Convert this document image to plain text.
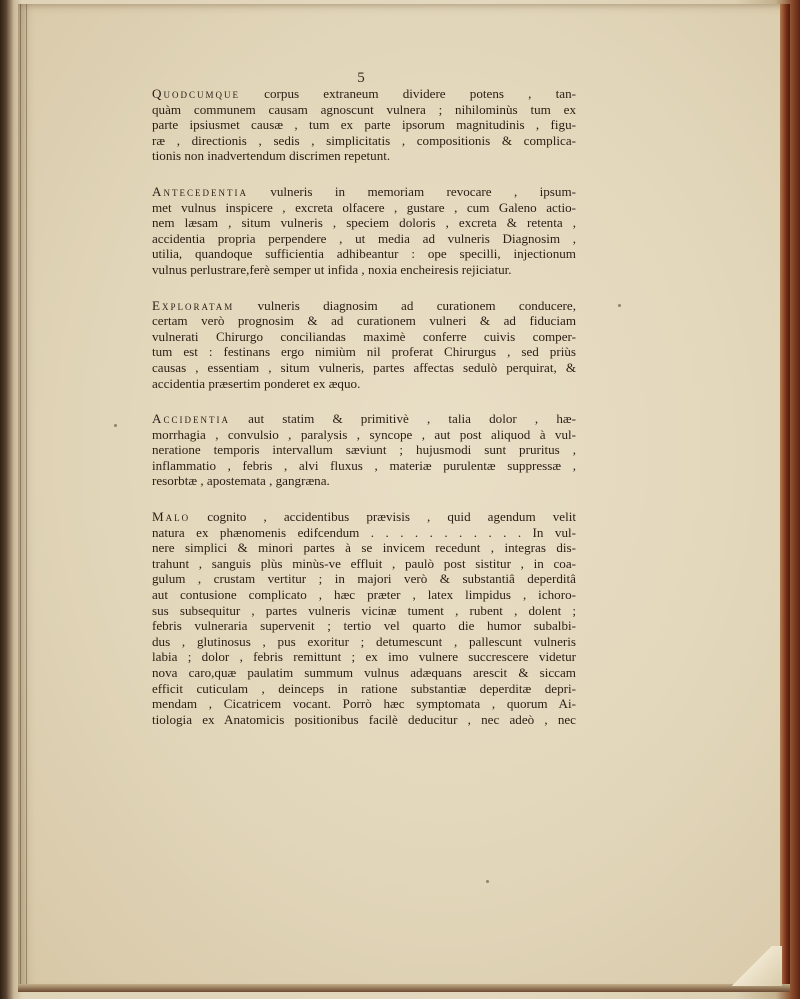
5
Quodcumque corpus extraneum dividere potens , tan-
quàm communem causam agnoscunt vulnera ; nihilominùs tum ex
parte ipsiusmet causæ , tum ex parte ipsorum magnitudinis , figu-
ræ , directionis , sedis , simplicitatis , compositionis & complica-
tionis non inadvertendum discrimen repetunt.
Antecedentia vulneris in memoriam revocare , ipsum-
met vulnus inspicere , excreta olfacere , gustare , cum Galeno actio-
nem læsam , situm vulneris , speciem doloris , excreta & retenta ,
accidentia propria perpendere , ut media ad vulneris Diagnosim ,
utilia, quandoque sufficientia adhibeantur : ope specilli, injectionum
vulnus perlustrare,ferè semper ut infida , noxia encheiresis rejiciatur.
Exploratam vulneris diagnosim ad curationem conducere,
certam verò prognosim & ad curationem vulneri & ad fiduciam
vulnerati Chirurgo conciliandas maximè conferre cuivis comper-
tum est : festinans ergo nimiùm nil proferat Chirurgus , sed priùs
causas , essentiam , situm vulneris, partes affectas sedulò perquirat, &
accidentia præsertim ponderet ex æquo.
Accidentia aut statim & primitivè , talia dolor , hæ-
morrhagia , convulsio , paralysis , syncope , aut post aliquod à vul-
neratione temporis intervallum sæviunt ; hujusmodi sunt pruritus ,
inflammatio , febris , alvi fluxus , materiæ purulentæ suppressæ ,
resorbtæ , apostemata , gangræna.
Malo cognito , accidentibus prævisis , quid agendum velit
natura ex phænomenis edifcendum . . . . . . . . . . . In vul-
nere simplici & minori partes à se invicem recedunt , integras dis-
trahunt , sanguis plùs minùs-ve effluit , paulò post sistitur , in coa-
gulum , crustam vertitur ; in majori verò & substantiâ deperditâ
aut contusione complicato , hæc præter , latex limpidus , ichoro-
sus subsequitur , partes vulneris vicinæ tument , rubent , dolent ;
febris vulneraria supervenit ; tertio vel quarto die humor subalbi-
dus , glutinosus , pus exoritur ; detumescunt , pallescunt vulneris
labia ; dolor , febris remittunt ; ex imo vulnere succrescere videtur
nova caro,quæ paulatim summum vulnus adæquans arescit & siccam
efficit cuticulam , deinceps in ratione substantiæ deperditæ depri-
mendam , Cicatricem vocant. Porrò hæc symptomata , quorum Ai-
tiologia ex Anatomicis positionibus facilè deducitur , nec adeò , nec
